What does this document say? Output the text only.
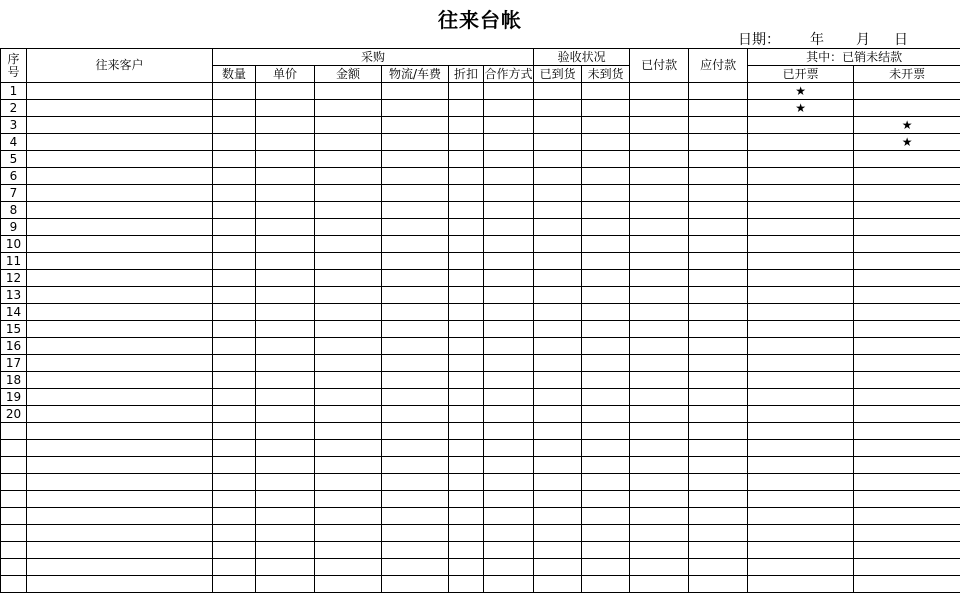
往来台帐
日期： 年 月 日
序
号	往来客户	采购						验收状况		已付款	应付款	其中：已销未结款	
		数量	单价	金额	物流/车费	折扣	合作方式	已到货	未到货			已开票	未开票
1												★	
2												★	
3													★
4													★
5													
6													
7													
8													
9													
10													
11													
12													
13													
14													
15													
16													
17													
18													
19													
20													
